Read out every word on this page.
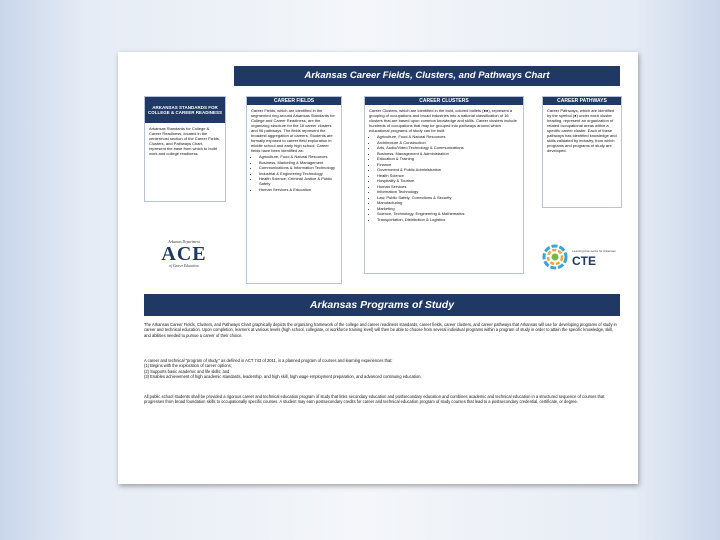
Arkansas Career Fields, Clusters, and Pathways Chart
ARKANSAS STANDARDS FOR COLLEGE & CAREER READINESS
Arkansas Standards for College & Career Readiness, located in the centermost section of the Career Fields, Clusters, and Pathways Chart, represent the base from which to build work and college readiness.
Arkansas Department
ACE
of Career Education
CAREER FIELDS
Career Fields, which are identified in the segmented ring around Arkansas Standards for College and Career Readiness, are the organizing structure for the 16 career clusters and 96 pathways. The fields represent the broadest aggregation of careers. Students are formally exposed to career field exploration in middle school and early high school. Career fields have been identified as:
• Agriculture, Food & Natural Resources
• Business, Marketing & Management
• Communications & Information Technology
• Industrial & Engineering Technology
• Health Science, Criminal Justice & Public Safety
• Human Services & Education
CAREER CLUSTERS
Career Clusters, which are identified in the bold, colored bullets (●●), represent a grouping of occupations and broad industries into a national classification of 16 clusters that are based upon common knowledge and skills. Career clusters include hundreds of occupations that may be grouped into pathways around which educational programs of study can be built.
• Agriculture, Food & Natural Resources
• Architecture & Construction
• Arts, Audio/Video Technology & Communications
• Business, Management & Administration
• Education & Training
• Finance
• Government & Public Administration
• Health Science
• Hospitality & Tourism
• Human Services
• Information Technology
• Law, Public Safety, Corrections & Security
• Manufacturing
• Marketing
• Science, Technology, Engineering & Mathematics
• Transportation, Distribution & Logistics
CAREER PATHWAYS
Career Pathways, which are identified by the symbol (●) under each cluster heading, represent an organization of related occupational areas within a specific career cluster. Each of these pathways has identified knowledge and skills validated by industry, from which programs and programs of study are developed.
Learning that works for Arkansas
CTE
Arkansas Programs of Study
The Arkansas Career Fields, Clusters, and Pathways Chart graphically depicts the organizing framework of the college and career readiness standards, career fields, career clusters, and career pathways that Arkansas will use for developing programs of study in career and technical education. Upon completion, learners at various levels (high school, collegiate, or workforce training level) will then be able to choose from several individual programs within a program of study in order to attain the specific knowledge, skill, and abilities needed to pursue a career of their choice.
A career and technical “program of study,” as defined in ACT 743 of 2011, is a planned program of courses and learning experiences that:
(1) Begins with the exploration of career options;
(2) Supports basic academic and life skills; and
(3) Enables achievement of high academic standards, leadership, and high skill, high wage employment preparation, and advanced continuing education.
All public school students shall be provided a rigorous career and technical education program of study that links secondary education and postsecondary education and combines academic and technical education in a structured sequence of courses that progresses from broad foundation skills to occupationally specific courses. A student may earn postsecondary credits for career and technical education program of study courses that lead to a postsecondary credential, certificate, or degree.
